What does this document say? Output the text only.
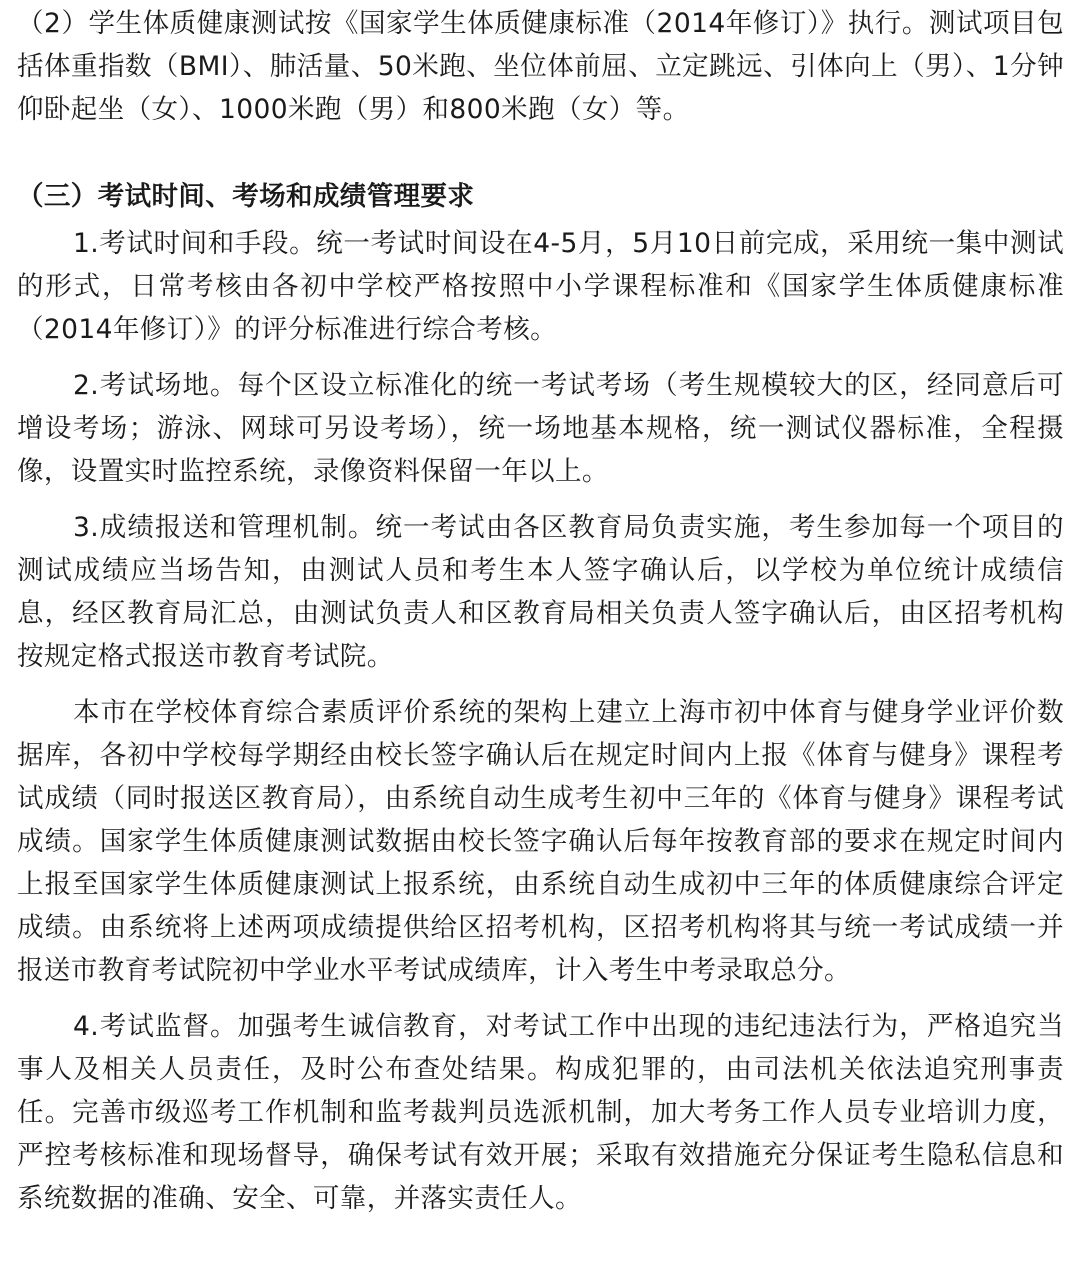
（2）学生体质健康测试按《国家学生体质健康标准（2014年修订）》执行。测试项目包括体重指数（BMI）、肺活量、50米跑、坐位体前屈、立定跳远、引体向上（男）、1分钟仰卧起坐（女）、1000米跑（男）和800米跑（女）等。

（三）考试时间、考场和成绩管理要求

1.考试时间和手段。统一考试时间设在4-5月，5月10日前完成，采用统一集中测试的形式，日常考核由各初中学校严格按照中小学课程标准和《国家学生体质健康标准（2014年修订）》的评分标准进行综合考核。

2.考试场地。每个区设立标准化的统一考试考场（考生规模较大的区，经同意后可增设考场；游泳、网球可另设考场），统一场地基本规格，统一测试仪器标准，全程摄像，设置实时监控系统，录像资料保留一年以上。

3.成绩报送和管理机制。统一考试由各区教育局负责实施，考生参加每一个项目的测试成绩应当场告知，由测试人员和考生本人签字确认后，以学校为单位统计成绩信息，经区教育局汇总，由测试负责人和区教育局相关负责人签字确认后，由区招考机构按规定格式报送市教育考试院。

本市在学校体育综合素质评价系统的架构上建立上海市初中体育与健身学业评价数据库，各初中学校每学期经由校长签字确认后在规定时间内上报《体育与健身》课程考试成绩（同时报送区教育局），由系统自动生成考生初中三年的《体育与健身》课程考试成绩。国家学生体质健康测试数据由校长签字确认后每年按教育部的要求在规定时间内上报至国家学生体质健康测试上报系统，由系统自动生成初中三年的体质健康综合评定成绩。由系统将上述两项成绩提供给区招考机构，区招考机构将其与统一考试成绩一并报送市教育考试院初中学业水平考试成绩库，计入考生中考录取总分。

4.考试监督。加强考生诚信教育，对考试工作中出现的违纪违法行为，严格追究当事人及相关人员责任，及时公布查处结果。构成犯罪的，由司法机关依法追究刑事责任。完善市级巡考工作机制和监考裁判员选派机制，加大考务工作人员专业培训力度，严控考核标准和现场督导，确保考试有效开展；采取有效措施充分保证考生隐私信息和系统数据的准确、安全、可靠，并落实责任人。
